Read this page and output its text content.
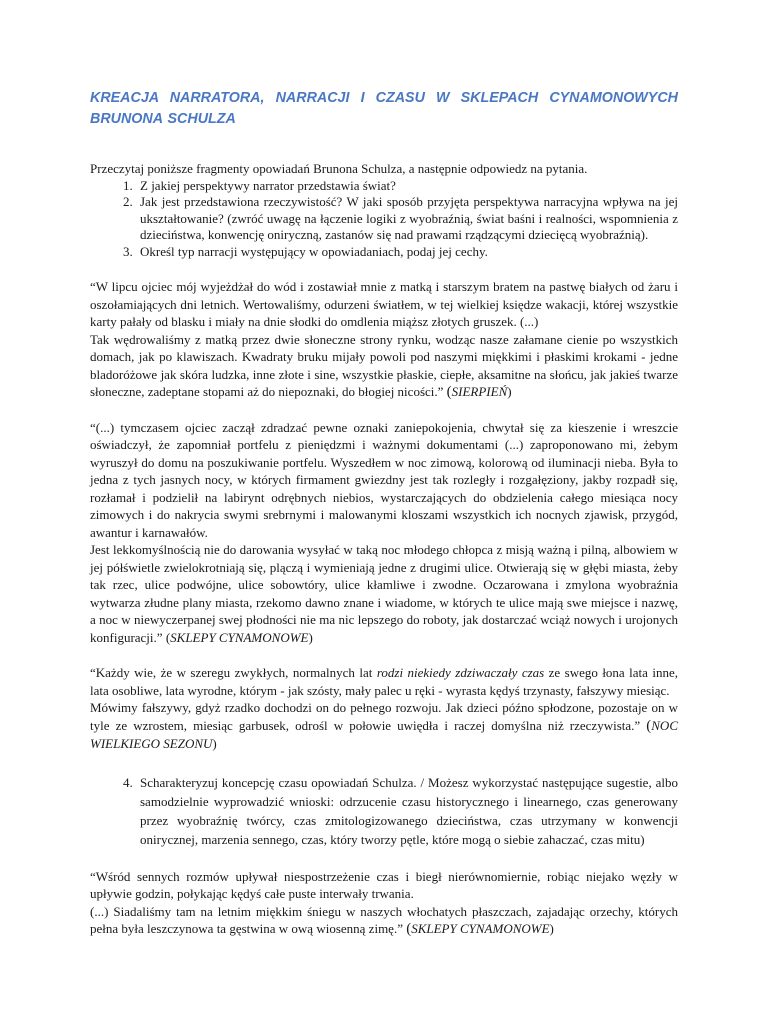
KREACJA NARRATORA, NARRACJI I CZASU W SKLEPACH CYNAMONOWYCH BRUNONA SCHULZA

Przeczytaj poniższe fragmenty opowiadań Brunona Schulza, a następnie odpowiedz na pytania.

1. Z jakiej perspektywy narrator przedstawia świat?
2. Jak jest przedstawiona rzeczywistość? W jaki sposób przyjęta perspektywa narracyjna wpływa na jej ukształtowanie? (zwróć uwagę na łączenie logiki z wyobraźnią, świat baśni i realności, wspomnienia z dzieciństwa, konwencję oniryczną, zastanów się nad prawami rządzącymi dziecięcą wyobraźnią).
3. Określ typ narracji występujący w opowiadaniach, podaj jej cechy.

“W lipcu ojciec mój wyjeżdżał do wód i zostawiał mnie z matką i starszym bratem na pastwę białych od żaru i oszołamiających dni letnich. Wertowaliśmy, odurzeni światłem, w tej wielkiej księdze wakacji, której wszystkie karty pałały od blasku i miały na dnie słodki do omdlenia miąższ złotych gruszek. (...)

Tak wędrowaliśmy z matką przez dwie słoneczne strony rynku, wodząc nasze załamane cienie po wszystkich domach, jak po klawiszach. Kwadraty bruku mijały powoli pod naszymi miękkimi i płaskimi krokami - jedne bladoróżowe jak skóra ludzka, inne złote i sine, wszystkie płaskie, ciepłe, aksamitne na słońcu, jak jakieś twarze słoneczne, zadeptane stopami aż do niepoznaki, do błogiej nicości.” (SIERPIEŃ)

“(...) tymczasem ojciec zaczął zdradzać pewne oznaki zaniepokojenia, chwytał się za kieszenie i wreszcie oświadczył, że zapomniał portfelu z pieniędzmi i ważnymi dokumentami (...) zaproponowano mi, żebym wyruszył do domu na poszukiwanie portfelu. Wyszedłem w noc zimową, kolorową od iluminacji nieba. Była to jedna z tych jasnych nocy, w których firmament gwiezdny jest tak rozległy i rozgałęziony, jakby rozpadł się, rozłamał i podzielił na labirynt odrębnych niebios, wystarczających do obdzielenia całego miesiąca nocy zimowych i do nakrycia swymi srebrnymi i malowanymi kloszami wszystkich ich nocnych zjawisk, przygód, awantur i karnawałów.

Jest lekkomyślnością nie do darowania wysyłać w taką noc młodego chłopca z misją ważną i pilną, albowiem w jej półświetle zwielokrotniają się, plączą i wymieniają jedne z drugimi ulice. Otwierają się w głębi miasta, żeby tak rzec, ulice podwójne, ulice sobowtóry, ulice kłamliwe i zwodne. Oczarowana i zmylona wyobraźnia wytwarza złudne plany miasta, rzekomo dawno znane i wiadome, w których te ulice mają swe miejsce i nazwę, a noc w niewyczerpanej swej płodności nie ma nic lepszego do roboty, jak dostarczać wciąż nowych i urojonych konfiguracji.” (SKLEPY CYNAMONOWE)

“Każdy wie, że w szeregu zwykłych, normalnych lat rodzi niekiedy zdziwaczały czas ze swego łona lata inne, lata osobliwe, lata wyrodne, którym - jak szósty, mały palec u ręki - wyrasta kędyś trzynasty, fałszywy miesiąc.

Mówimy fałszywy, gdyż rzadko dochodzi on do pełnego rozwoju. Jak dzieci późno spłodzone, pozostaje on w tyle ze wzrostem, miesiąc garbusek, odrośl w połowie uwiędła i raczej domyślna niż rzeczywista.” (NOC WIELKIEGO SEZONU)

4. Scharakteryzuj koncepcję czasu opowiadań Schulza. / Możesz wykorzystać następujące sugestie, albo samodzielnie wyprowadzić wnioski: odrzucenie czasu historycznego i linearnego, czas generowany przez wyobraźnię twórcy, czas zmitologizowanego dzieciństwa, czas utrzymany w konwencji onirycznej, marzenia sennego, czas, który tworzy pętle, które mogą o siebie zahaczać, czas mitu)

“Wśród sennych rozmów upływał niespostrzeżenie czas i biegł nierównomiernie, robiąc niejako węzły w upływie godzin, połykając kędyś całe puste interwały trwania.

(...) Siadaliśmy tam na letnim miękkim śniegu w naszych włochatych płaszczach, zajadając orzechy, których pełna była leszczynowa ta gęstwina w ową wiosenną zimę.” (SKLEPY CYNAMONOWE)
